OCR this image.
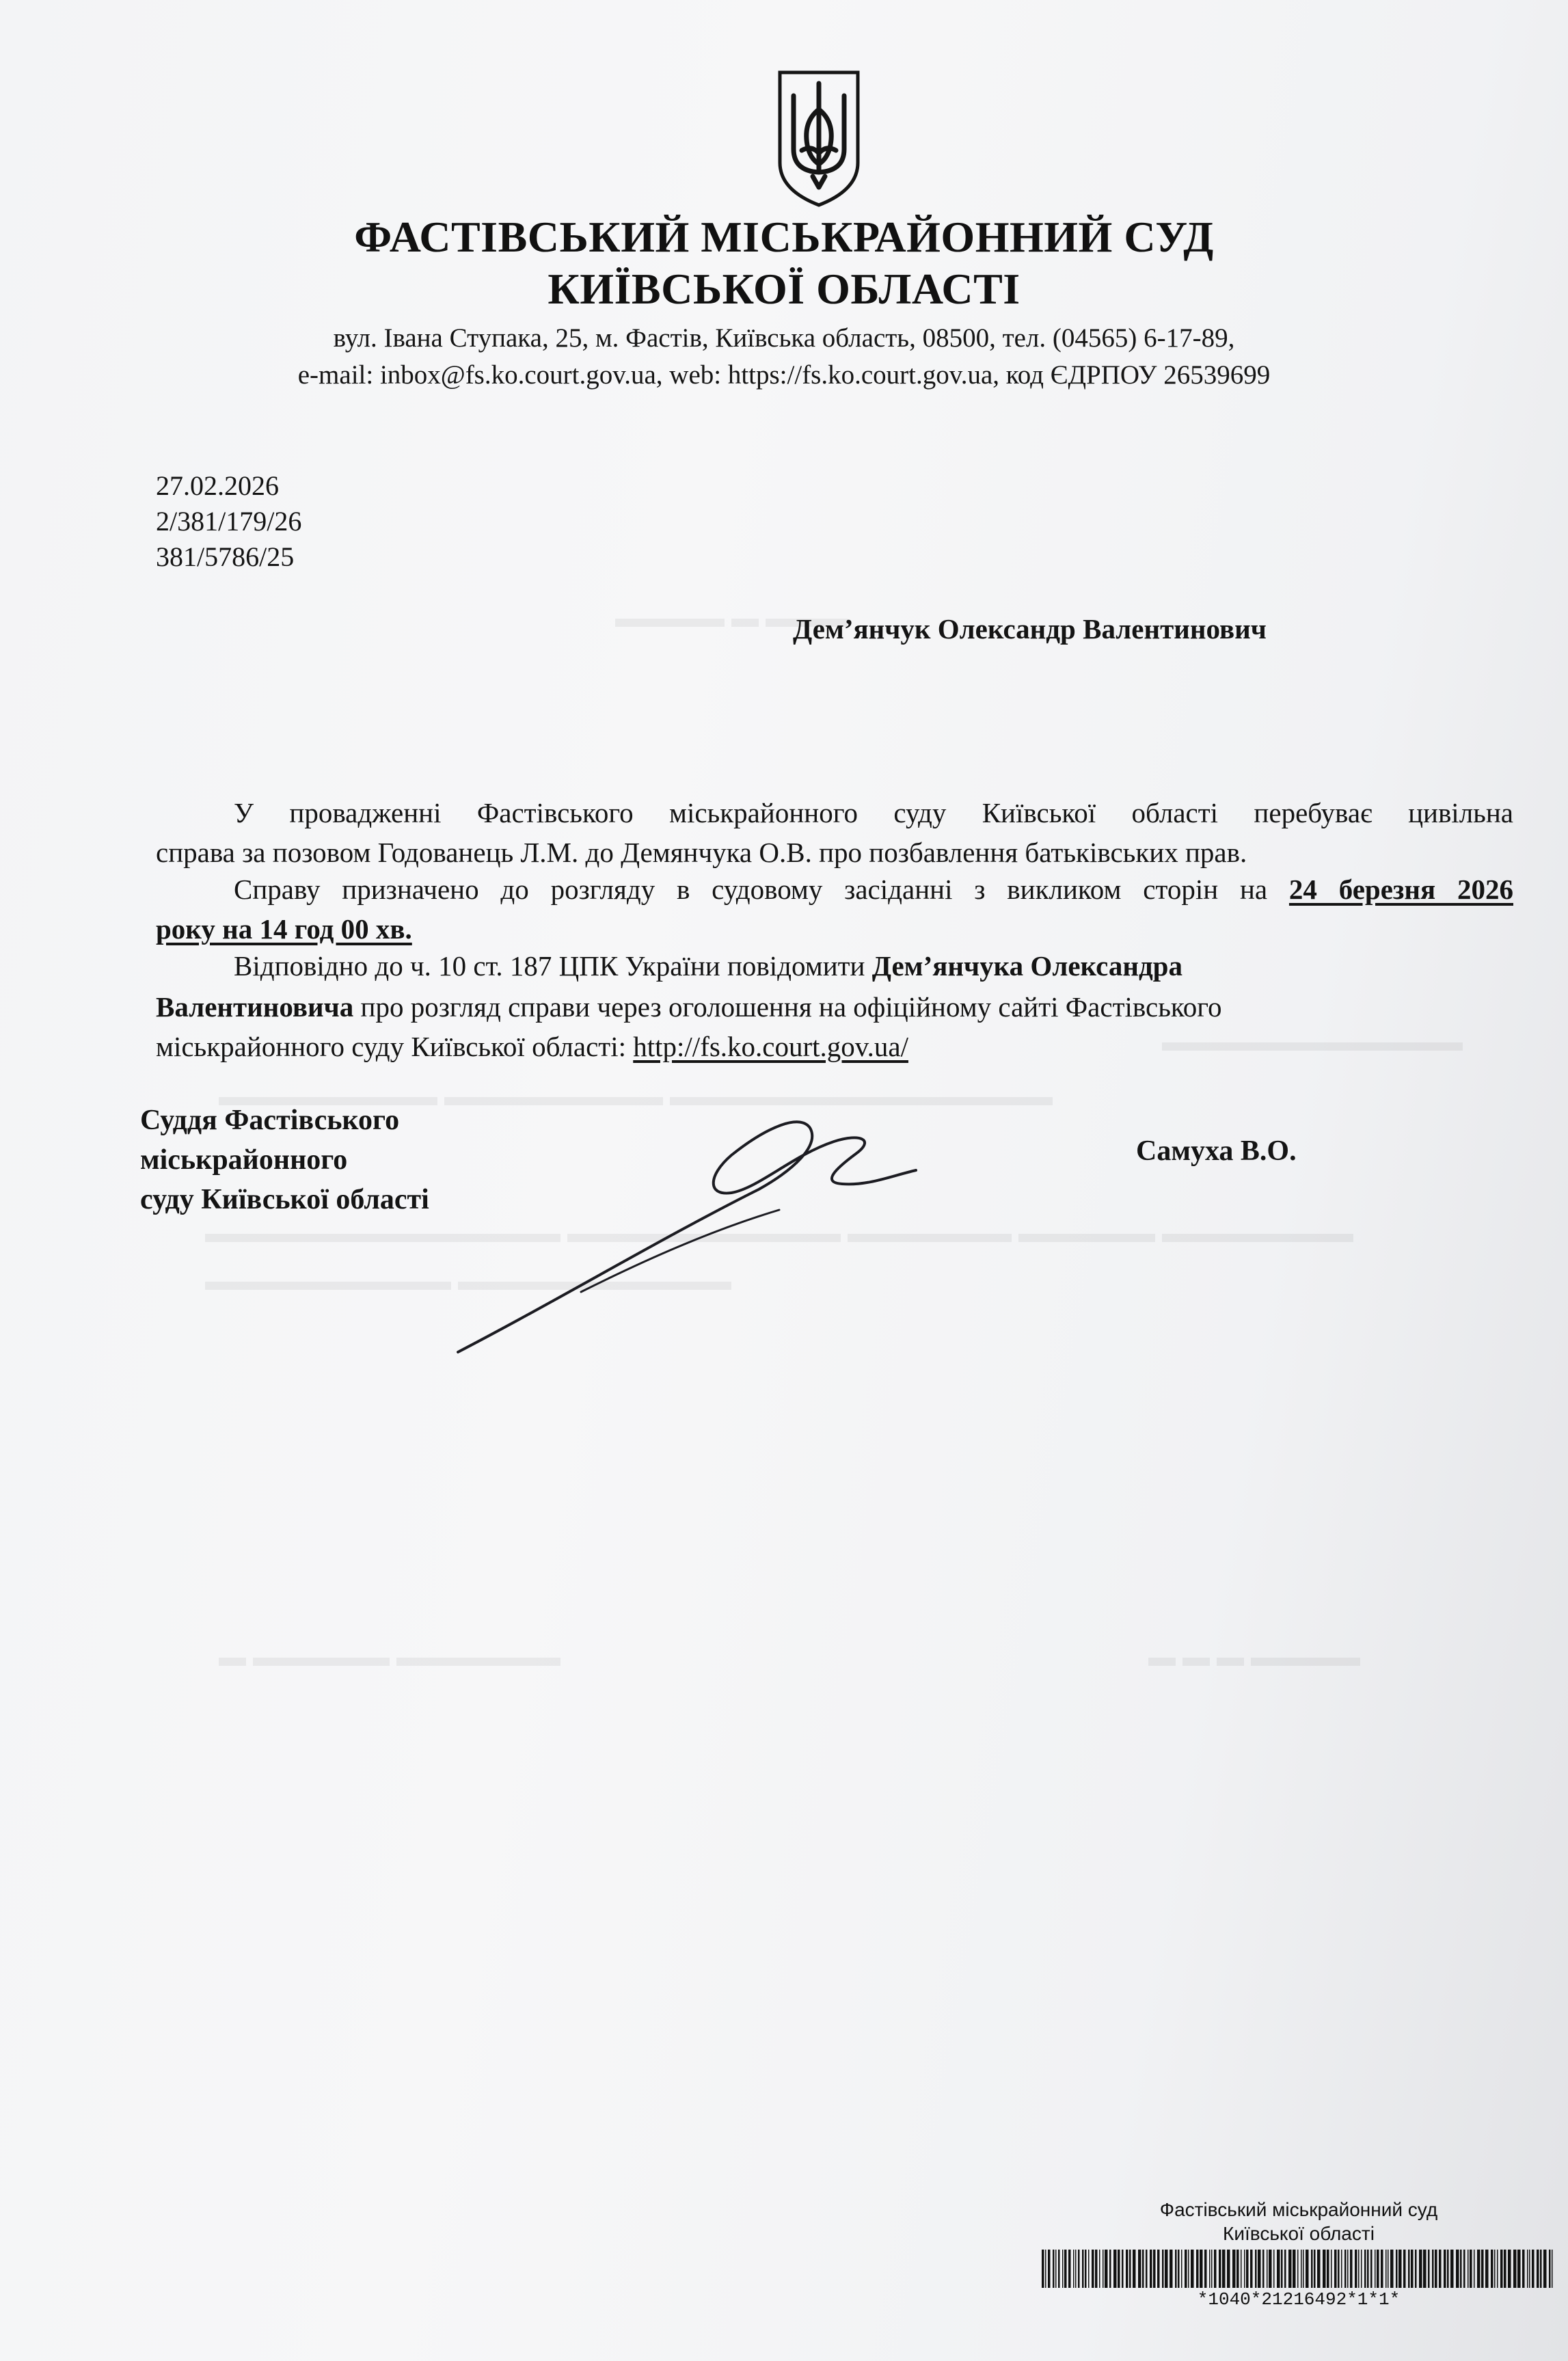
▬▬▬▬ ▬ ▬▬▬
▬▬▬▬▬▬▬▬▬▬▬
▬▬▬▬▬▬▬▬ ▬▬▬▬▬▬▬▬ ▬▬▬▬▬▬▬▬▬▬▬▬▬▬
▬▬▬▬▬▬▬▬▬▬▬▬▬ ▬▬▬▬▬▬▬▬▬▬ ▬▬▬▬▬▬ ▬▬▬▬▬ ▬▬▬▬▬▬▬
▬▬▬▬▬▬▬▬▬ ▬▬▬▬▬▬▬▬▬▬
▬ ▬▬▬▬▬ ▬▬▬▬▬▬	▬ ▬ ▬ ▬▬▬▬
ФАСТІВСЬКИЙ МІСЬКРАЙОННИЙ СУД
КИЇВСЬКОЇ ОБЛАСТІ
вул. Івана Ступака, 25, м. Фастів, Київська область, 08500, тел. (04565) 6-17-89,
e-mail: inbox@fs.ko.court.gov.ua, web: https://fs.ko.court.gov.ua, код ЄДРПОУ 26539699
27.02.2026
2/381/179/26
381/5786/25
Дем’янчук Олександр Валентинович
У провадженні Фастівського міськрайонного суду Київської області перебуває цивільна
справа за позовом Годованець Л.М. до Демянчука О.В. про позбавлення батьківських прав.
Справу призначено до розгляду в судовому засіданні з викликом сторін на 24 березня 2026
року на 14 год 00 хв.
Відповідно до ч. 10 ст. 187 ЦПК України повідомити Дем’янчука Олександра
Валентиновича про розгляд справи через оголошення на офіційному сайті Фастівського
міськрайонного суду Київської області: http://fs.ko.court.gov.ua/
Суддя Фастівського
міськрайонного
суду Київської області
Самуха В.О.
Фастівський міськрайонний суд
Київської області
*1040*21216492*1*1*
